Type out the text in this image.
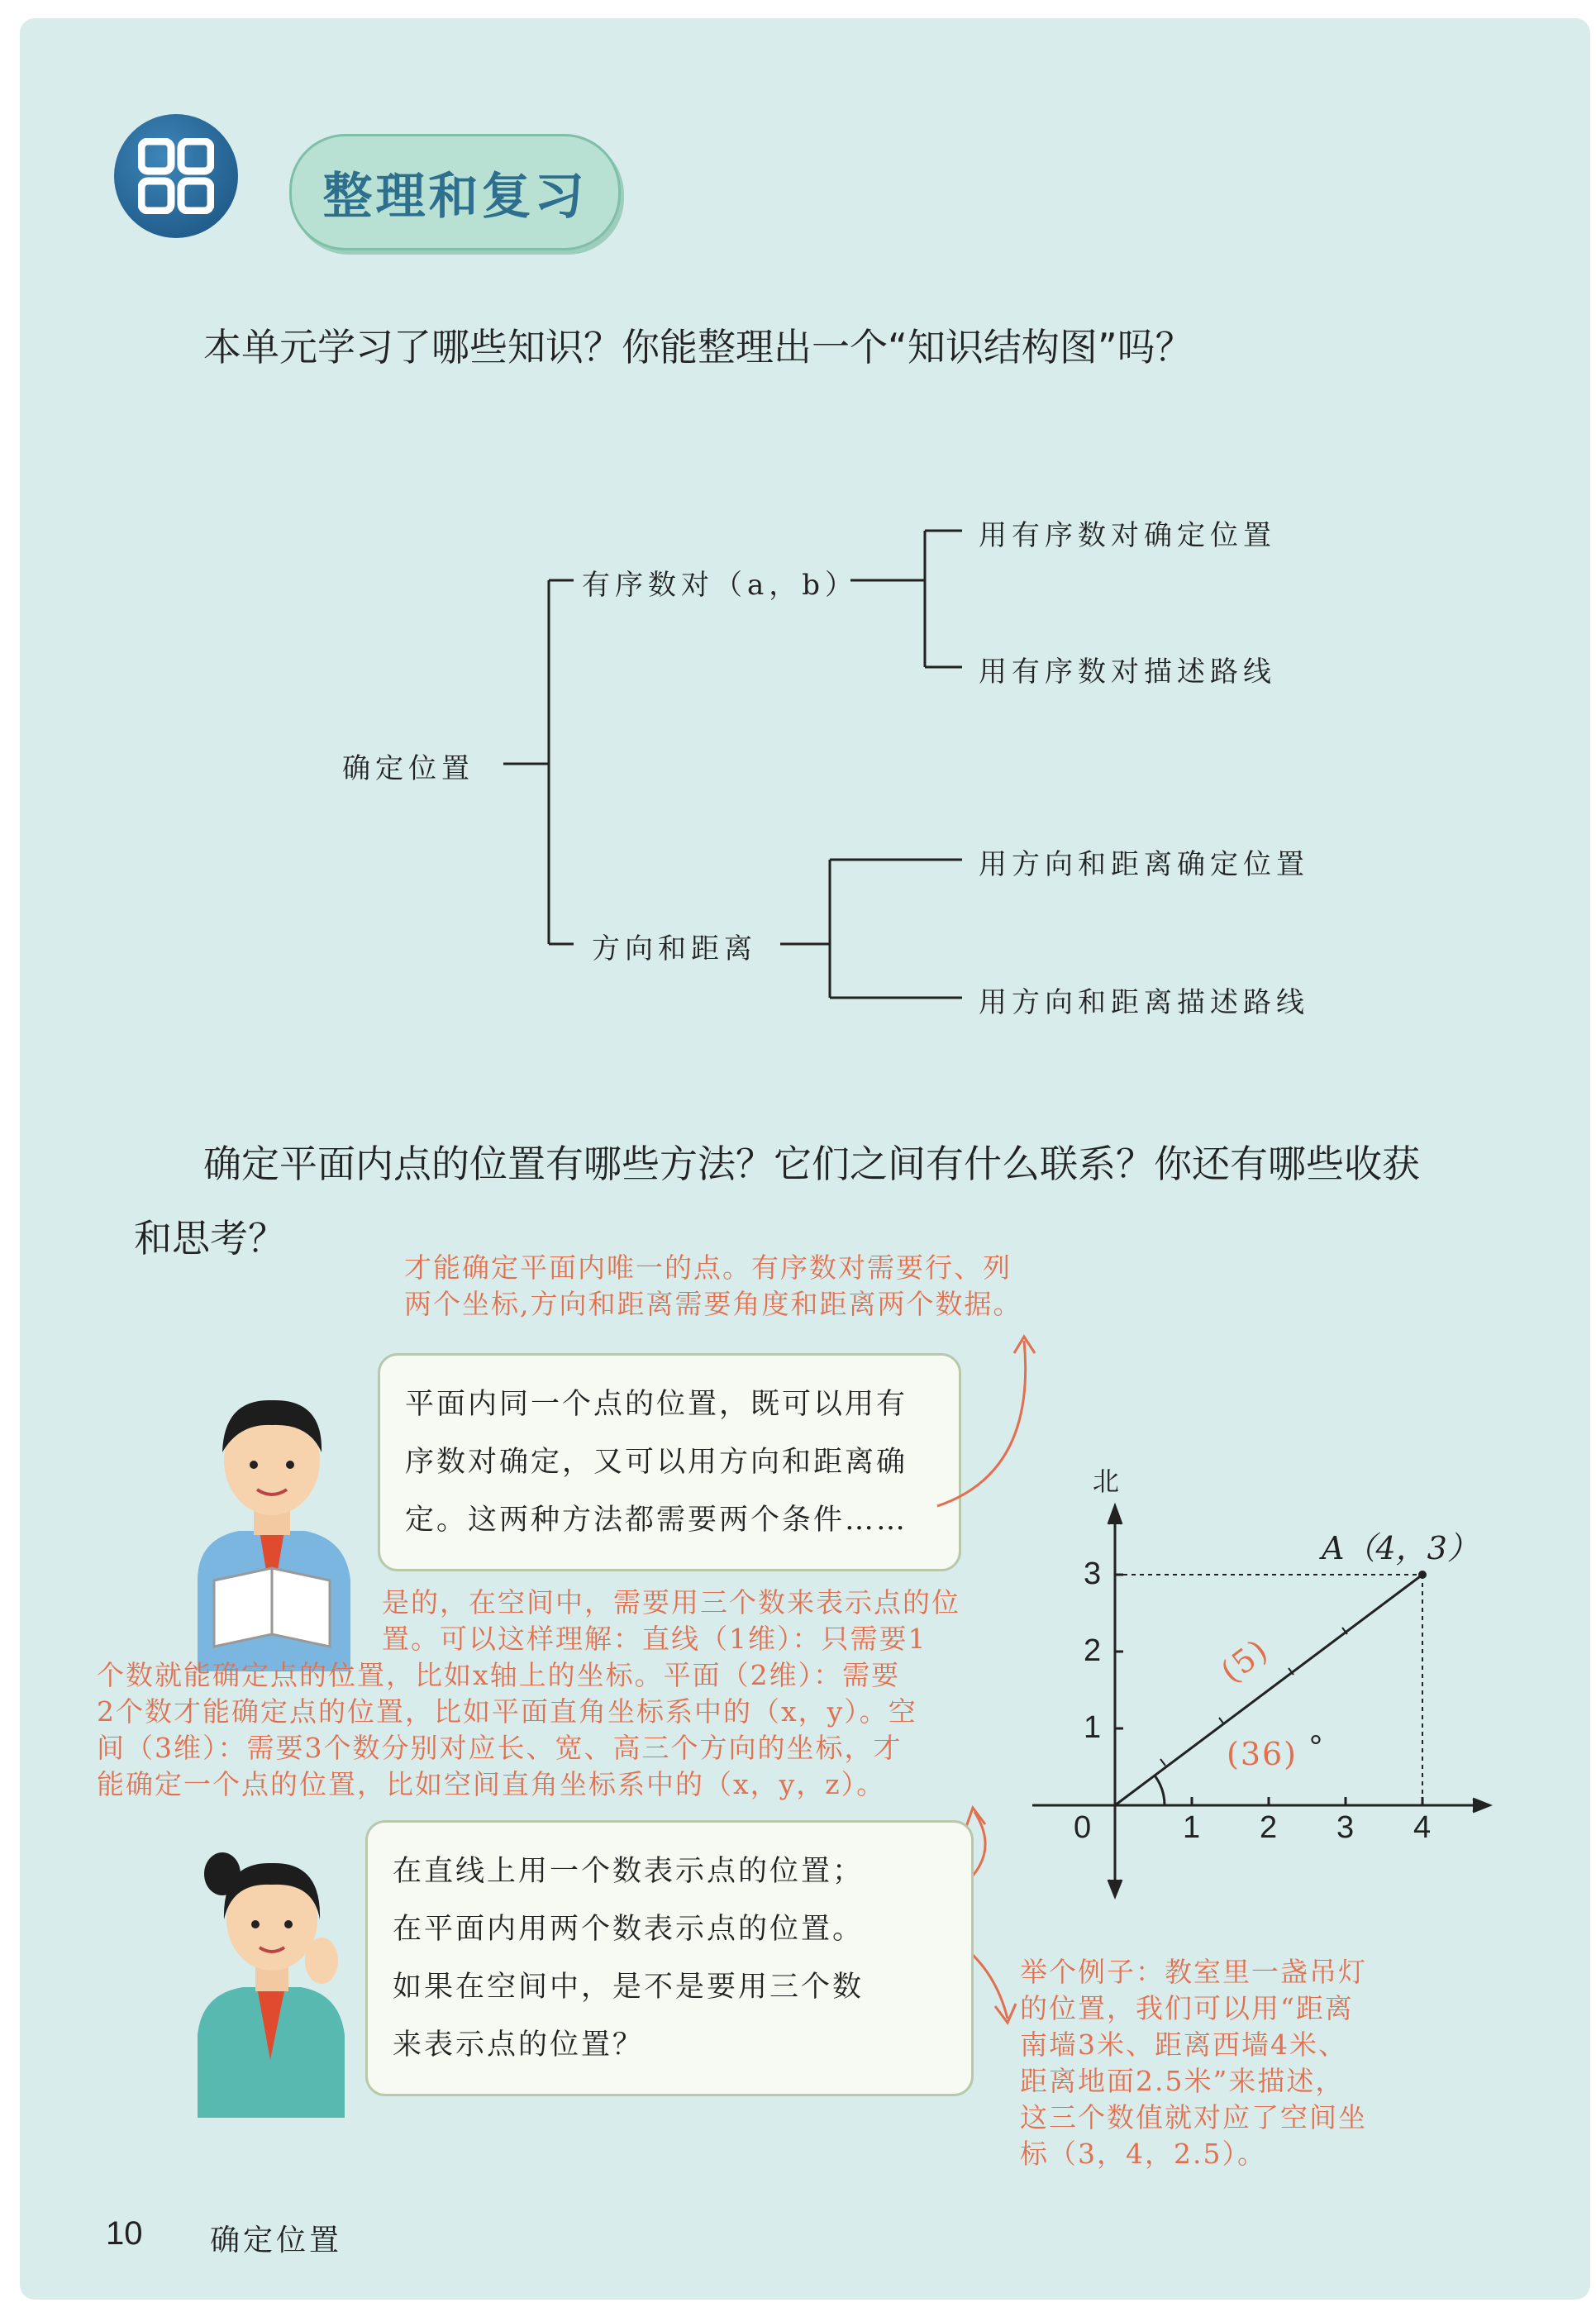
整理和复习
本单元学习了哪些知识？你能整理出一个“知识结构图”吗？
确定位置
有序数对（a，b）
用有序数对确定位置
用有序数对描述路线
方向和距离
用方向和距离确定位置
用方向和距离描述路线
确定平面内点的位置有哪些方法？它们之间有什么联系？你还有哪些收获
和思考？
才能确定平面内唯一的点。有序数对需要行、列
两个坐标,方向和距离需要角度和距离两个数据。
平面内同一个点的位置，既可以用有
序数对确定，又可以用方向和距离确
定。这两种方法都需要两个条件……
北
A（4，3）
0	1 2 3 4
1
2
3
(5)
(36) °
是的，在空间中，需要用三个数来表示点的位
置。可以这样理解：直线（1维）：只需要1
个数就能确定点的位置，比如x轴上的坐标。平面（2维）：需要
2个数才能确定点的位置，比如平面直角坐标系中的（x，y）。空
间（3维）：需要3个数分别对应长、宽、高三个方向的坐标，才
能确定一个点的位置，比如空间直角坐标系中的（x，y，z）。
在直线上用一个数表示点的位置；
在平面内用两个数表示点的位置。
如果在空间中，是不是要用三个数
来表示点的位置？
举个例子：教室里一盏吊灯
的位置，我们可以用“距离
南墙3米、距离西墙4米、
距离地面2.5米”来描述，
这三个数值就对应了空间坐
标（3，4，2.5）。
10 确定位置
